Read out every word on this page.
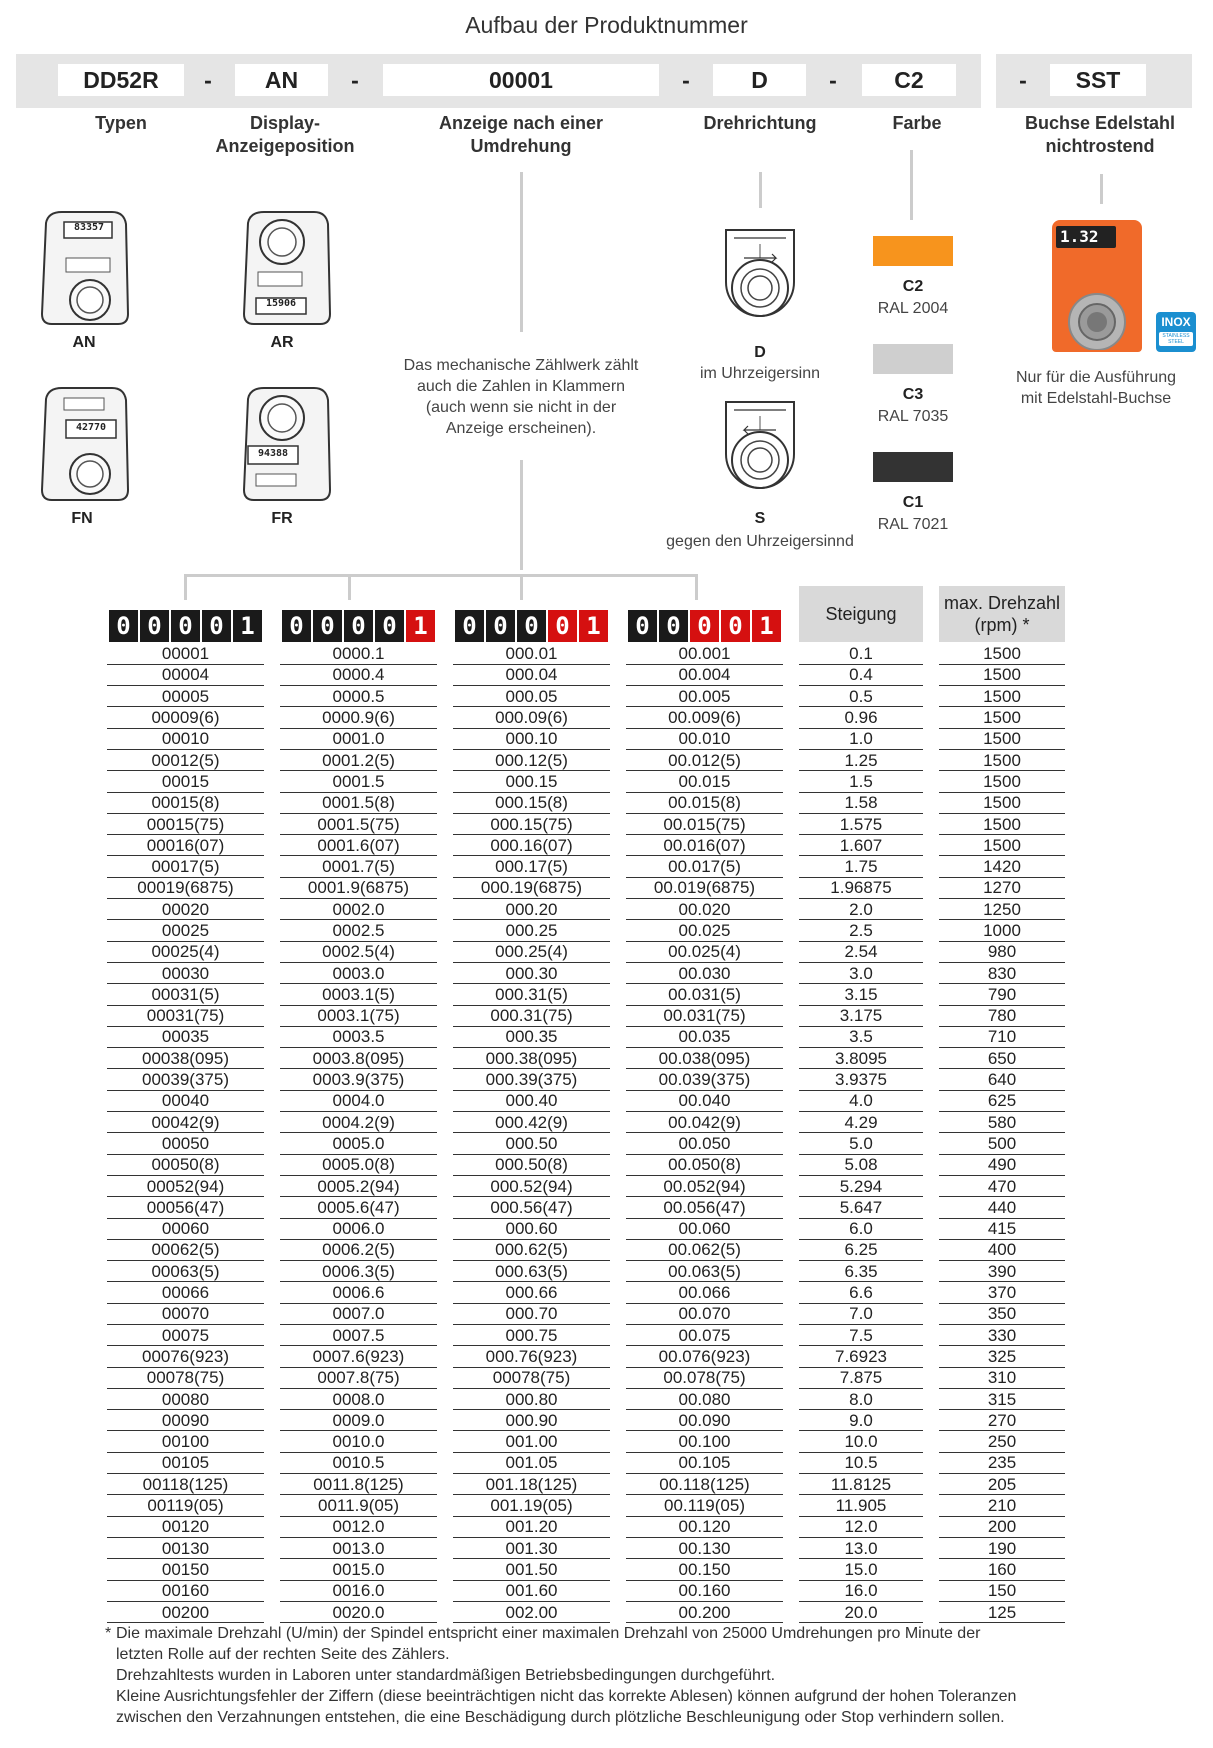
Aufbau der Produktnummer
DD52R	-	AN	-	00001	-	D	-	C2	-	SST
Typen	Display-
Anzeigeposition
Anzeige nach einer
Umdrehung
Drehrichtung	Farbe	Buchse Edelstahl
nichtrostend
83357
AN
15906
AR
42770
FN
94388
FR
Das mechanische Zählwerk zählt
auch die Zahlen in Klammern
(auch wenn sie nicht in der
Anzeige erscheinen).
D
im Uhrzeigersinn
S
gegen den Uhrzeigersinnd
C2
RAL 2004
C3
RAL 7035
C1
RAL 7021
1.32
INOX
STAINLESS
STEEL
Nur für die Ausführung
mit Edelstahl-Buchse
0 0 0 0 1	0 0 0 0 1	0 0 0 0 1	0 0 0 0 1	Steigung
max. Drehzahl
(rpm) *
00001		0000.1		000.01		00.001		0.1		1500
00004		0000.4		000.04		00.004		0.4		1500
00005		0000.5		000.05		00.005		0.5		1500
00009(6)		0000.9(6)		000.09(6)		00.009(6)		0.96		1500
00010		0001.0		000.10		00.010		1.0		1500
00012(5)		0001.2(5)		000.12(5)		00.012(5)		1.25		1500
00015		0001.5		000.15		00.015		1.5		1500
00015(8)		0001.5(8)		000.15(8)		00.015(8)		1.58		1500
00015(75)		0001.5(75)		000.15(75)		00.015(75)		1.575		1500
00016(07)		0001.6(07)		000.16(07)		00.016(07)		1.607		1500
00017(5)		0001.7(5)		000.17(5)		00.017(5)		1.75		1420
00019(6875)		0001.9(6875)		000.19(6875)		00.019(6875)		1.96875		1270
00020		0002.0		000.20		00.020		2.0		1250
00025		0002.5		000.25		00.025		2.5		1000
00025(4)		0002.5(4)		000.25(4)		00.025(4)		2.54		980
00030		0003.0		000.30		00.030		3.0		830
00031(5)		0003.1(5)		000.31(5)		00.031(5)		3.15		790
00031(75)		0003.1(75)		000.31(75)		00.031(75)		3.175		780
00035		0003.5		000.35		00.035		3.5		710
00038(095)		0003.8(095)		000.38(095)		00.038(095)		3.8095		650
00039(375)		0003.9(375)		000.39(375)		00.039(375)		3.9375		640
00040		0004.0		000.40		00.040		4.0		625
00042(9)		0004.2(9)		000.42(9)		00.042(9)		4.29		580
00050		0005.0		000.50		00.050		5.0		500
00050(8)		0005.0(8)		000.50(8)		00.050(8)		5.08		490
00052(94)		0005.2(94)		000.52(94)		00.052(94)		5.294		470
00056(47)		0005.6(47)		000.56(47)		00.056(47)		5.647		440
00060		0006.0		000.60		00.060		6.0		415
00062(5)		0006.2(5)		000.62(5)		00.062(5)		6.25		400
00063(5)		0006.3(5)		000.63(5)		00.063(5)		6.35		390
00066		0006.6		000.66		00.066		6.6		370
00070		0007.0		000.70		00.070		7.0		350
00075		0007.5		000.75		00.075		7.5		330
00076(923)		0007.6(923)		000.76(923)		00.076(923)		7.6923		325
00078(75)		0007.8(75)		00078(75)		00.078(75)		7.875		310
00080		0008.0		000.80		00.080		8.0		315
00090		0009.0		000.90		00.090		9.0		270
00100		0010.0		001.00		00.100		10.0		250
00105		0010.5		001.05		00.105		10.5		235
00118(125)		0011.8(125)		001.18(125)		00.118(125)		11.8125		205
00119(05)		0011.9(05)		001.19(05)		00.119(05)		11.905		210
00120		0012.0		001.20		00.120		12.0		200
00130		0013.0		001.30		00.130		13.0		190
00150		0015.0		001.50		00.150		15.0		160
00160		0016.0		001.60		00.160		16.0		150
00200		0020.0		002.00		00.200		20.0		125
* Die maximale Drehzahl (U/min) der Spindel entspricht einer maximalen Drehzahl von 25000 Umdrehungen pro Minute der
letzten Rolle auf der rechten Seite des Zählers.
Drehzahltests wurden in Laboren unter standardmäßigen Betriebsbedingungen durchgeführt.
Kleine Ausrichtungsfehler der Ziffern (diese beeinträchtigen nicht das korrekte Ablesen) können aufgrund der hohen Toleranzen
zwischen den Verzahnungen entstehen, die eine Beschädigung durch plötzliche Beschleunigung oder Stop verhindern sollen.
